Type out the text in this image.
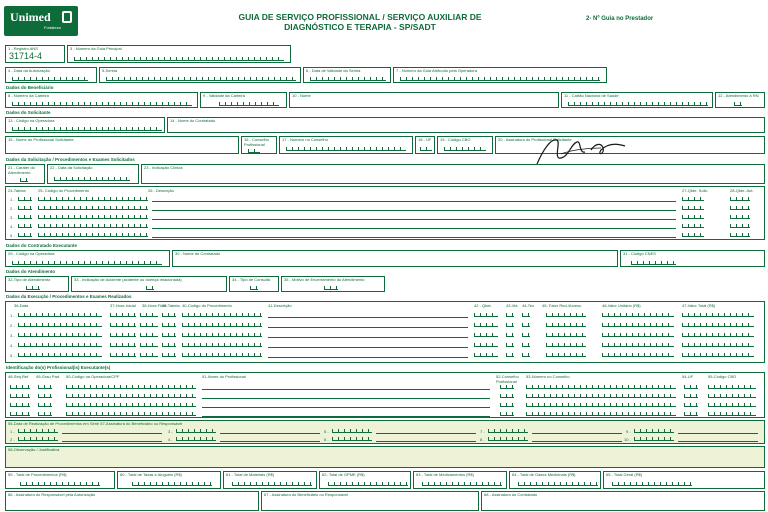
Unimed
Fortaleza
GUIA DE SERVIÇO PROFISSIONAL / SERVIÇO AUXILIAR DE
DIAGNÓSTICO E TERAPIA - SP/SADT
2- Nº Guia no Prestador
1 - Registro ANS
31714-4
3 - Número da Guia Principal
4 - Data da Autorização	5-Senha	6 - Data de Validade da Senha	7 - Número da Guia Atribuído pela Operadora
Dados do Beneficiário
8 - Número da Carteira	9 - Validade da Carteira	10 - Nome	11 - Cartão Nacional de Saúde	12 - Atendimento a RN
Dados do Solicitante
13 - Código na Operadora	14 - Nome do Contratado
15 - Nome do Profissional Solicitante	16 - Conselho Profissional
17 - Número no Conselho	18 - UF 19 - Código CBO	20 - Assinatura do Profissional Solicitante
Dados da Solicitação / Procedimentos e Exames Solicitados
21 - Caráter do Atendimento
22 - Data da Solicitação	23 - Indicação Clínica
24-Tabela	25- Código do Procedimento	26 - Descrição	27-Qtde. Solic.	28-Qtde. Aut.
1 -
2 -
3 -
4 -
5 -
Dados do Contratado Executante
29 - Código na Operadora	30 - Nome do Contratado	31 - Código CNES
Dados do Atendimento
32-Tipo de Atendimento	33 - Indicação de Acidente (acidente ou doença relacionada)	34 - Tipo de Consulta	35 - Motivo de Encerramento do Atendimento
Dados da Execução / Procedimentos e Exames Realizados
36-Data	37-Hora Inicial 38-Hora Final
39-Tabela 40-Código do Procedimento	41-Descrição	42 - Qtde.	43-Via 44-Tec. 45- Fator Red./Acresc.	46-Valor Unitário (R$)	47-Valor Total (R$)
1 -
2 -
3 -
4 -
5 -
Identificação do(s) Profissional(is) Executante(s)
48-Seq.Ref 49-Grau Part. 50-Código na Operadora/CPF	51-Nome do Profissional	52-Conselho Profissional
53-Número no Conselho	54-UF	55-Código CBO
56-Data de Realização de Procedimentos em Série 57-Assinatura do Beneficiário ou Responsável
1 -	3 -	5 -	7 -	9 -
2 -	4 -	6 -	8 -	10 -
58-Observação / Justificativa
59 - Total de Procedimentos (R$)	60 - Total de Taxas e Aluguéis (R$)	61 - Total de Materiais (R$)	62- Total de OPME (R$)	63 - Total de Medicamentos (R$)	64 - Total de Gases Medicinais (R$)	65 - Total Geral (R$)
66 - Assinatura do Responsável pela Autorização	67 - Assinatura do Beneficiário ou Responsável	68 - Assinatura do Contratado
